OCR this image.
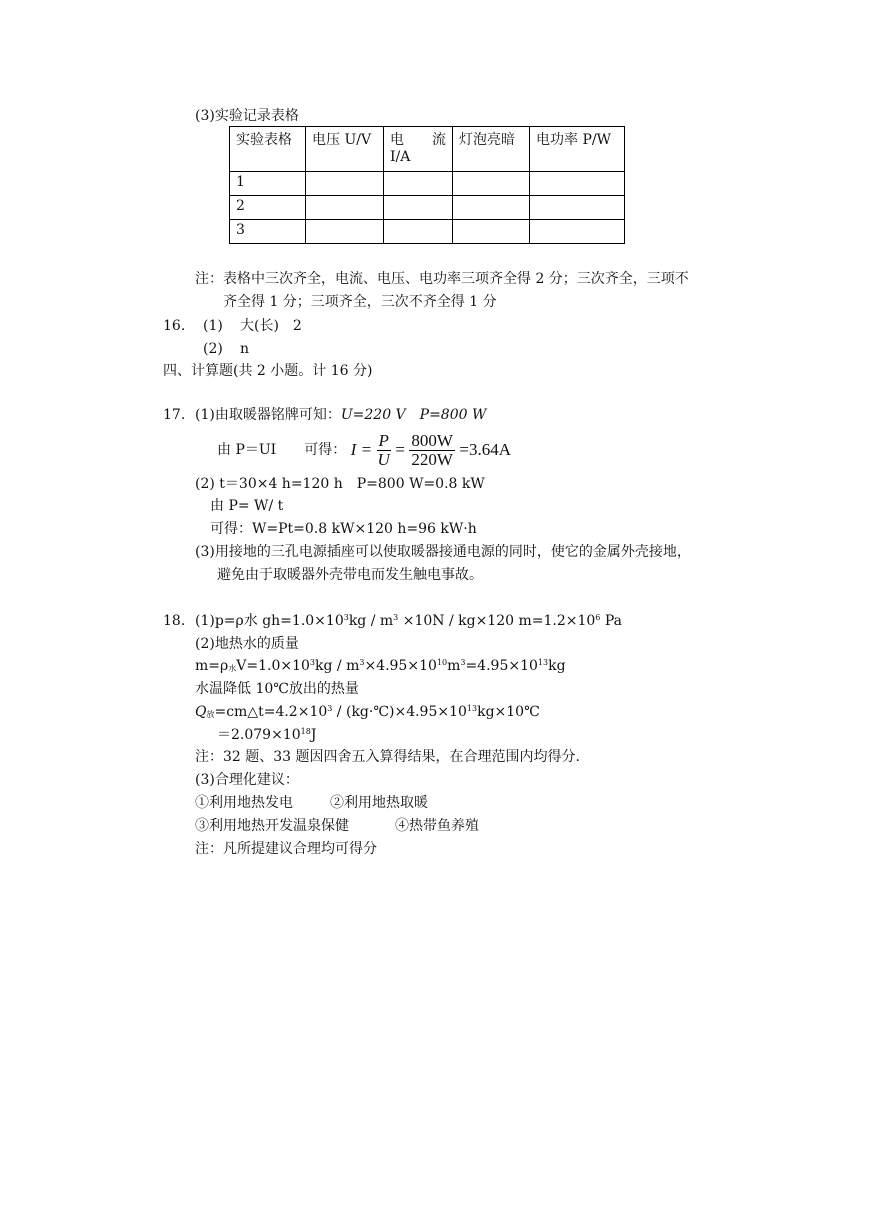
(3)实验记录表格
实验表格	电压 U/V	电　　流 I/A	灯泡亮暗	电功率 P/W
1				
2				
3				
注：表格中三次齐全，电流、电压、电功率三项齐全得 2 分；三次齐全，三项不
齐全得 1 分；三项齐全，三次不齐全得 1 分
16. (1) 大(长)　2
(2) n
四、计算题(共 2 小题。计 16 分)
17. (1)由取暖器铭牌可知：U=220 V　P=800 W
由 P＝UI　　可得： $I = \frac{P}{U} = \frac{800W}{220W} =3.64A$
(2) t＝30×4 h=120 h　P=800 W=0.8 kW
由 P= W/ t
可得：W=Pt=0.8 kW×120 h=96 kW·h
(3)用接地的三孔电源插座可以使取暖器接通电源的同时，使它的金属外壳接地，
避免由于取暖器外壳带电而发生触电事故。
18. (1)p=ρ水 $gh=1.0\times 10^3kg / m^3 \times 10N / kg\times 120$ $m=1.2\times 10^6$ Pa
(2)地热水的质量
$m=\rho_水V=1.0\times 10^3kg / m^3\times 4.95\times 10^{10}m^3=4.95\times 10^{13}kg$
水温降低 10℃放出的热量
$Q_放=cm\triangle t=4.2\times 10^3$ / $(kg\cdot℃)\times 4.95\times 10^{13}kg\times 10℃$
$=2.079\times 10^{18}J$
注：32 题、33 题因四舍五入算得结果，在合理范围内均得分.
(3)合理化建议：
①利用地热发电	②利用地热取暖
③利用地热开发温泉保健	④热带鱼养殖
注：凡所提建议合理均可得分
